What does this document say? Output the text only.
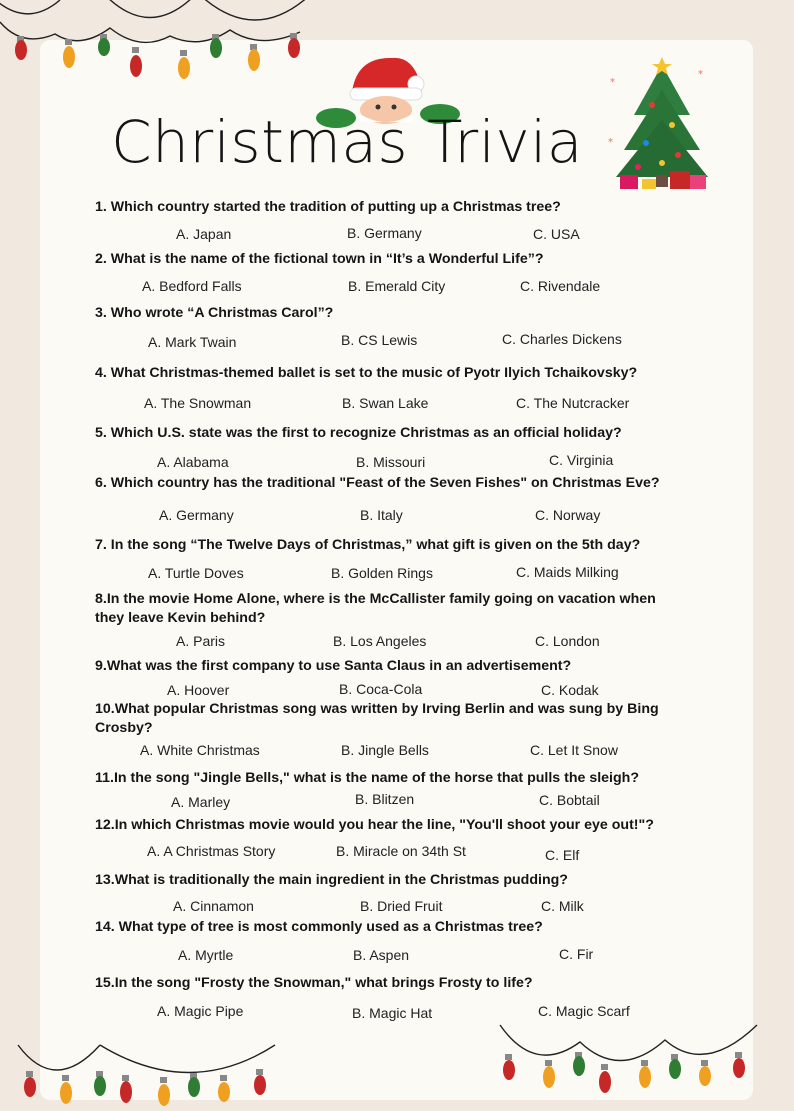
*
*
*
Christmas Trivia
1. Which country started the tradition of putting up a Christmas tree?
A. Japan	B. Germany	C. USA
2. What is the name of the fictional town in “It’s a Wonderful Life”?
A. Bedford Falls	B. Emerald City	C. Rivendale
3. Who wrote “A Christmas Carol”?
A. Mark Twain	B. CS Lewis	C. Charles Dickens
4. What Christmas-themed ballet is set to the music of Pyotr Ilyich Tchaikovsky?
A. The Snowman	B. Swan Lake	C. The Nutcracker
5. Which U.S. state was the first to recognize Christmas as an official holiday?
A. Alabama	B. Missouri	C. Virginia
6. Which country has the traditional "Feast of the Seven Fishes" on Christmas Eve?
A. Germany	B. Italy	C. Norway
7. In the song “The Twelve Days of Christmas,” what gift is given on the 5th day?
A. Turtle Doves	B. Golden Rings	C. Maids Milking
8.In the movie Home Alone, where is the McCallister family going on vacation when they leave Kevin behind?
A. Paris	B. Los Angeles	C. London
9.What was the first company to use Santa Claus in an advertisement?
A. Hoover	B. Coca-Cola	C. Kodak
10.What popular Christmas song was written by Irving Berlin and was sung by Bing Crosby?
A. White Christmas	B. Jingle Bells	C. Let It Snow
11.In the song "Jingle Bells," what is the name of the horse that pulls the sleigh?
A. Marley	B. Blitzen	C. Bobtail
12.In which Christmas movie would you hear the line, "You'll shoot your eye out!"?
A. A Christmas Story	B. Miracle on 34th St	C. Elf
13.What is traditionally the main ingredient in the Christmas pudding?
A. Cinnamon	B. Dried Fruit	C. Milk
14. What type of tree is most commonly used as a Christmas tree?
A. Myrtle	B. Aspen	C. Fir
15.In the song "Frosty the Snowman," what brings Frosty to life?
A. Magic Pipe	B. Magic Hat	C. Magic Scarf
